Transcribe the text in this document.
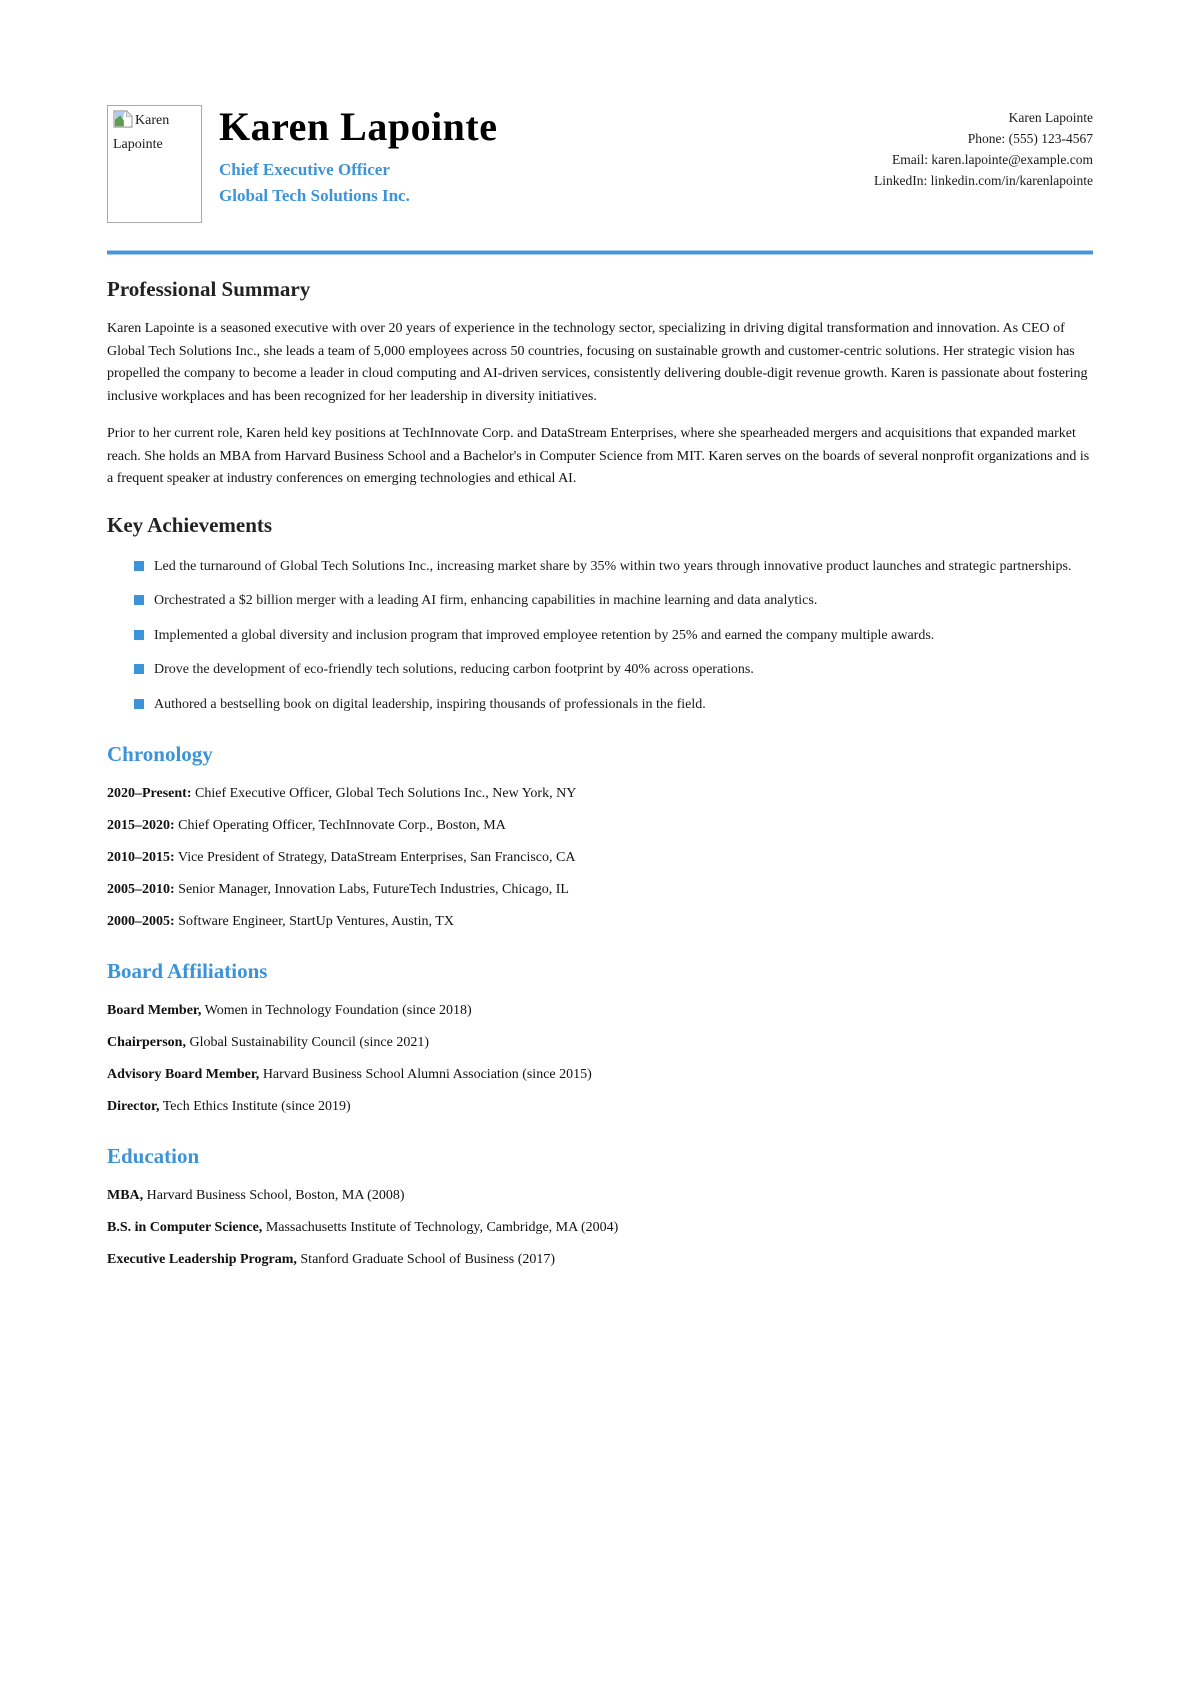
Karen Lapointe	Karen Lapointe
Chief Executive Officer
Global Tech Solutions Inc.
Karen Lapointe
Phone: (555) 123-4567
Email: karen.lapointe@example.com
LinkedIn: linkedin.com/in/karenlapointe
Professional Summary

Karen Lapointe is a seasoned executive with over 20 years of experience in the technology sector, specializing in driving digital transformation and innovation. As CEO of Global Tech Solutions Inc., she leads a team of 5,000 employees across 50 countries, focusing on sustainable growth and customer-centric solutions. Her strategic vision has propelled the company to become a leader in cloud computing and AI-driven services, consistently delivering double-digit revenue growth. Karen is passionate about fostering inclusive workplaces and has been recognized for her leadership in diversity initiatives.

Prior to her current role, Karen held key positions at TechInnovate Corp. and DataStream Enterprises, where she spearheaded mergers and acquisitions that expanded market reach. She holds an MBA from Harvard Business School and a Bachelor's in Computer Science from MIT. Karen serves on the boards of several nonprofit organizations and is a frequent speaker at industry conferences on emerging technologies and ethical AI.

Key Achievements
Led the turnaround of Global Tech Solutions Inc., increasing market share by 35% within two years through innovative product launches and strategic partnerships.
Orchestrated a $2 billion merger with a leading AI firm, enhancing capabilities in machine learning and data analytics.
Implemented a global diversity and inclusion program that improved employee retention by 25% and earned the company multiple awards.
Drove the development of eco-friendly tech solutions, reducing carbon footprint by 40% across operations.
Authored a bestselling book on digital leadership, inspiring thousands of professionals in the field.
Chronology

2020–Present: Chief Executive Officer, Global Tech Solutions Inc., New York, NY

2015–2020: Chief Operating Officer, TechInnovate Corp., Boston, MA

2010–2015: Vice President of Strategy, DataStream Enterprises, San Francisco, CA

2005–2010: Senior Manager, Innovation Labs, FutureTech Industries, Chicago, IL

2000–2005: Software Engineer, StartUp Ventures, Austin, TX

Board Affiliations

Board Member, Women in Technology Foundation (since 2018)

Chairperson, Global Sustainability Council (since 2021)

Advisory Board Member, Harvard Business School Alumni Association (since 2015)

Director, Tech Ethics Institute (since 2019)

Education

MBA, Harvard Business School, Boston, MA (2008)

B.S. in Computer Science, Massachusetts Institute of Technology, Cambridge, MA (2004)

Executive Leadership Program, Stanford Graduate School of Business (2017)
